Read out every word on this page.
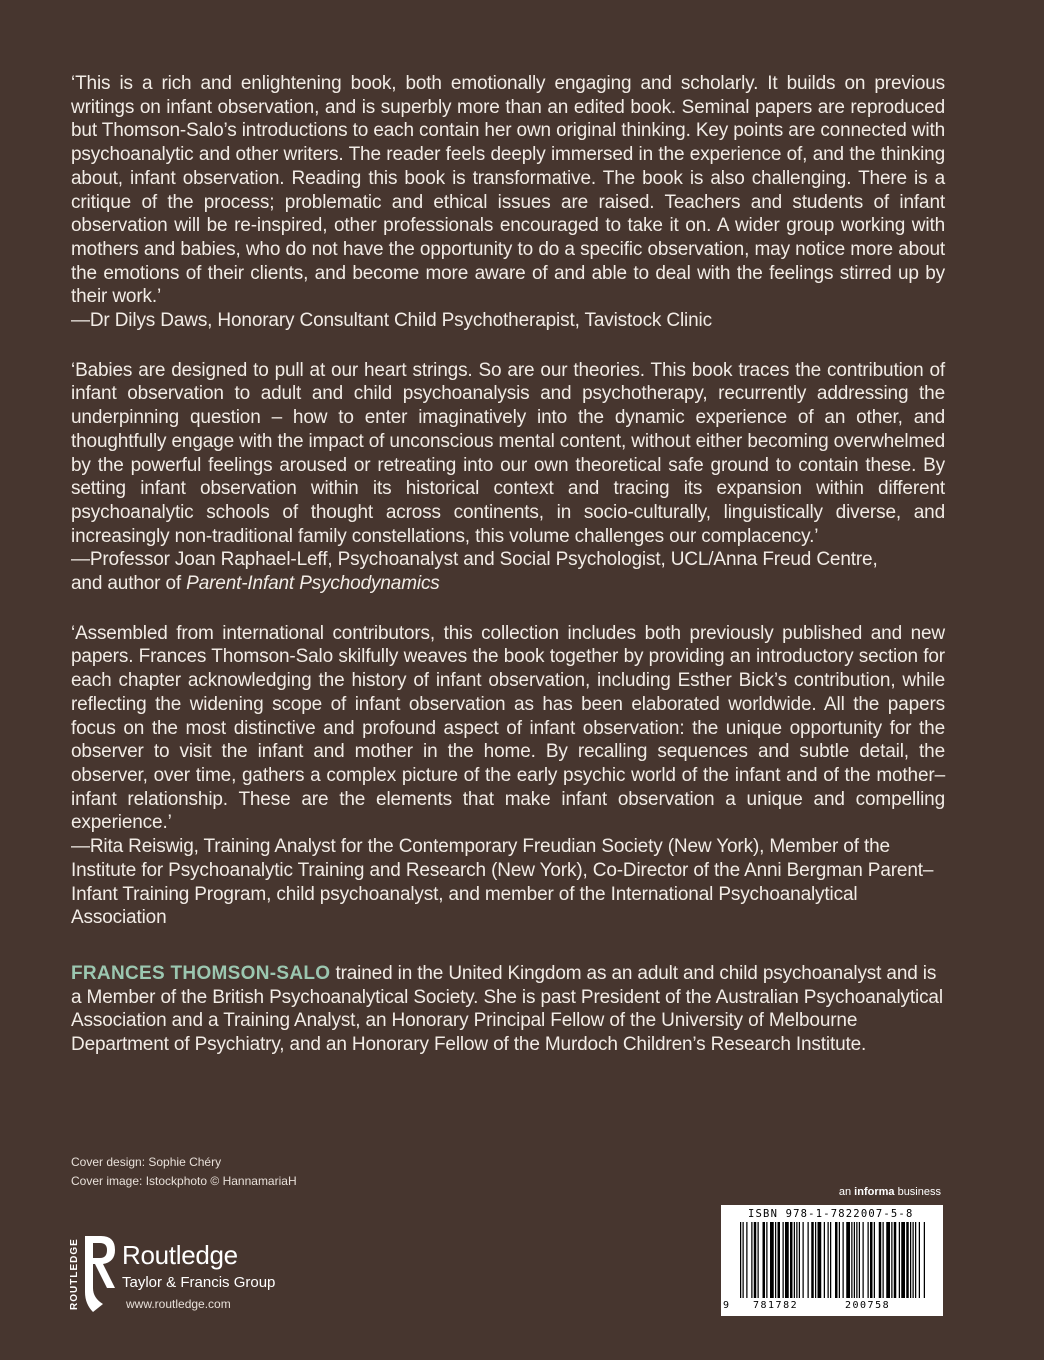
‘This is a rich and enlightening book, both emotionally engaging and scholarly. It builds on previous writings on infant observation, and is superbly more than an edited book. Seminal papers are reproduced but Thomson-Salo’s introductions to each contain her own original thinking. Key points are connected with psychoanalytic and other writers. The reader feels deeply immersed in the experience of, and the thinking about, infant observation. Reading this book is transformative. The book is also challenging. There is a critique of the process; problematic and ethical issues are raised. Teachers and students of infant observation will be re-inspired, other professionals encouraged to take it on. A wider group working with mothers and babies, who do not have the opportunity to do a specific observation, may notice more about the emotions of their clients, and become more aware of and able to deal with the feelings stirred up by their work.’

—Dr Dilys Daws, Honorary Consultant Child Psychotherapist, Tavistock Clinic

‘Babies are designed to pull at our heart strings. So are our theories. This book traces the contribution of infant observation to adult and child psychoanalysis and psychotherapy, recurrently addressing the underpinning question – how to enter imaginatively into the dynamic experience of an other, and thoughtfully engage with the impact of unconscious mental content, without either becoming overwhelmed by the powerful feelings aroused or retreating into our own theoretical safe ground to contain these. By setting infant observation within its historical context and tracing its expansion within different psychoanalytic schools of thought across continents, in socio-culturally, linguistically diverse, and increasingly non-traditional family constellations, this volume challenges our complacency.’

—Professor Joan Raphael-Leff, Psychoanalyst and Social Psychologist, UCL/Anna Freud Centre,
and author of Parent-Infant Psychodynamics

‘Assembled from international contributors, this collection includes both previously published and new papers. Frances Thomson-Salo skilfully weaves the book together by providing an introductory section for each chapter acknowledging the history of infant observation, including Esther Bick’s contribution, while reflecting the widening scope of infant observation as has been elaborated worldwide. All the papers focus on the most distinctive and profound aspect of infant observation: the unique opportunity for the observer to visit the infant and mother in the home. By recalling sequences and subtle detail, the observer, over time, gathers a complex picture of the early psychic world of the infant and of the mother–infant relationship. These are the elements that make infant observation a unique and compelling experience.’

—Rita Reiswig, Training Analyst for the Contemporary Freudian Society (New York), Member of the Institute for Psychoanalytic Training and Research (New York), Co-Director of the Anni Bergman Parent–Infant Training Program, child psychoanalyst, and member of the International Psychoanalytical Association

FRANCES THOMSON-SALO trained in the United Kingdom as an adult and child psychoanalyst and is a Member of the British Psychoanalytical Society. She is past President of the Australian Psychoanalytical Association and a Training Analyst, an Honorary Principal Fellow of the University of Melbourne Department of Psychiatry, and an Honorary Fellow of the Murdoch Children’s Research Institute.

Cover design: Sophie Chéry
Cover image: Istockphoto © HannamariaH
ROUTLEDGE Routledge
Taylor & Francis Group
www.routledge.com
an informa business
ISBN 978-1-7822007-5-8
9 781782	200758
